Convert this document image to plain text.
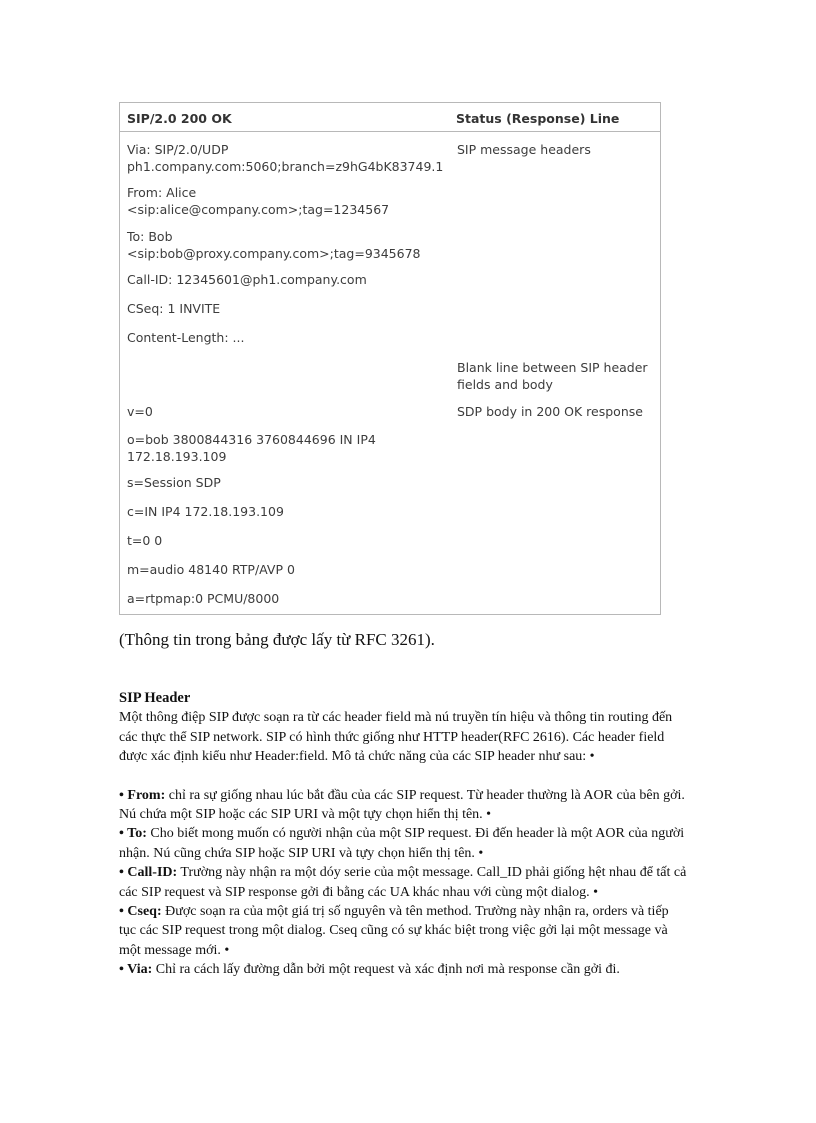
SIP/2.0 200 OK	Status (Response) Line
Via: SIP/2.0/UDP
ph1.company.com:5060;branch=z9hG4bK83749.1
SIP message headers
From: Alice
<sip:alice@company.com>;tag=1234567
To: Bob
<sip:bob@proxy.company.com>;tag=9345678
Call-ID: 12345601@ph1.company.com
CSeq: 1 INVITE
Content-Length: ...
Blank line between SIP header
fields and body
v=0	SDP body in 200 OK response
o=bob 3800844316 3760844696 IN IP4
172.18.193.109
s=Session SDP
c=IN IP4 172.18.193.109
t=0 0
m=audio 48140 RTP/AVP 0
a=rtpmap:0 PCMU/8000
(Thông tin trong bảng được lấy từ RFC 3261).

SIP Header

Một thông điệp SIP được soạn ra từ các header field mà nú truyền tín hiệu và thông tin routing đến các thực thể SIP network. SIP có hình thức giống như HTTP header(RFC 2616). Các header field được xác định kiểu như Header:field. Mô tả chức năng của các SIP header như sau: •

• From: chỉ ra sự giống nhau lúc bắt đầu của các SIP request. Từ header thường là AOR của bên gởi. Nú chứa một SIP hoặc các SIP URI và một tựy chọn hiển thị tên. •

• To: Cho biết mong muốn có người nhận của một SIP request. Đi đến header là một AOR của người nhận. Nú cũng chứa SIP hoặc SIP URI và tựy chọn hiển thị tên. •

• Call-ID: Trường này nhận ra một dóy serie của một message. Call_ID phải giống hệt nhau để tất cả các SIP request và SIP response gởi đi bằng các UA khác nhau với cùng một dialog. •

• Cseq: Được soạn ra của một giá trị số nguyên và tên method. Trường này nhận ra, orders và tiếp tục các SIP request trong một dialog. Cseq cũng có sự khác biệt trong việc gởi lại một message và một message mới. •

• Via: Chỉ ra cách lấy đường dẫn bởi một request và xác định nơi mà response cần gởi đi.
